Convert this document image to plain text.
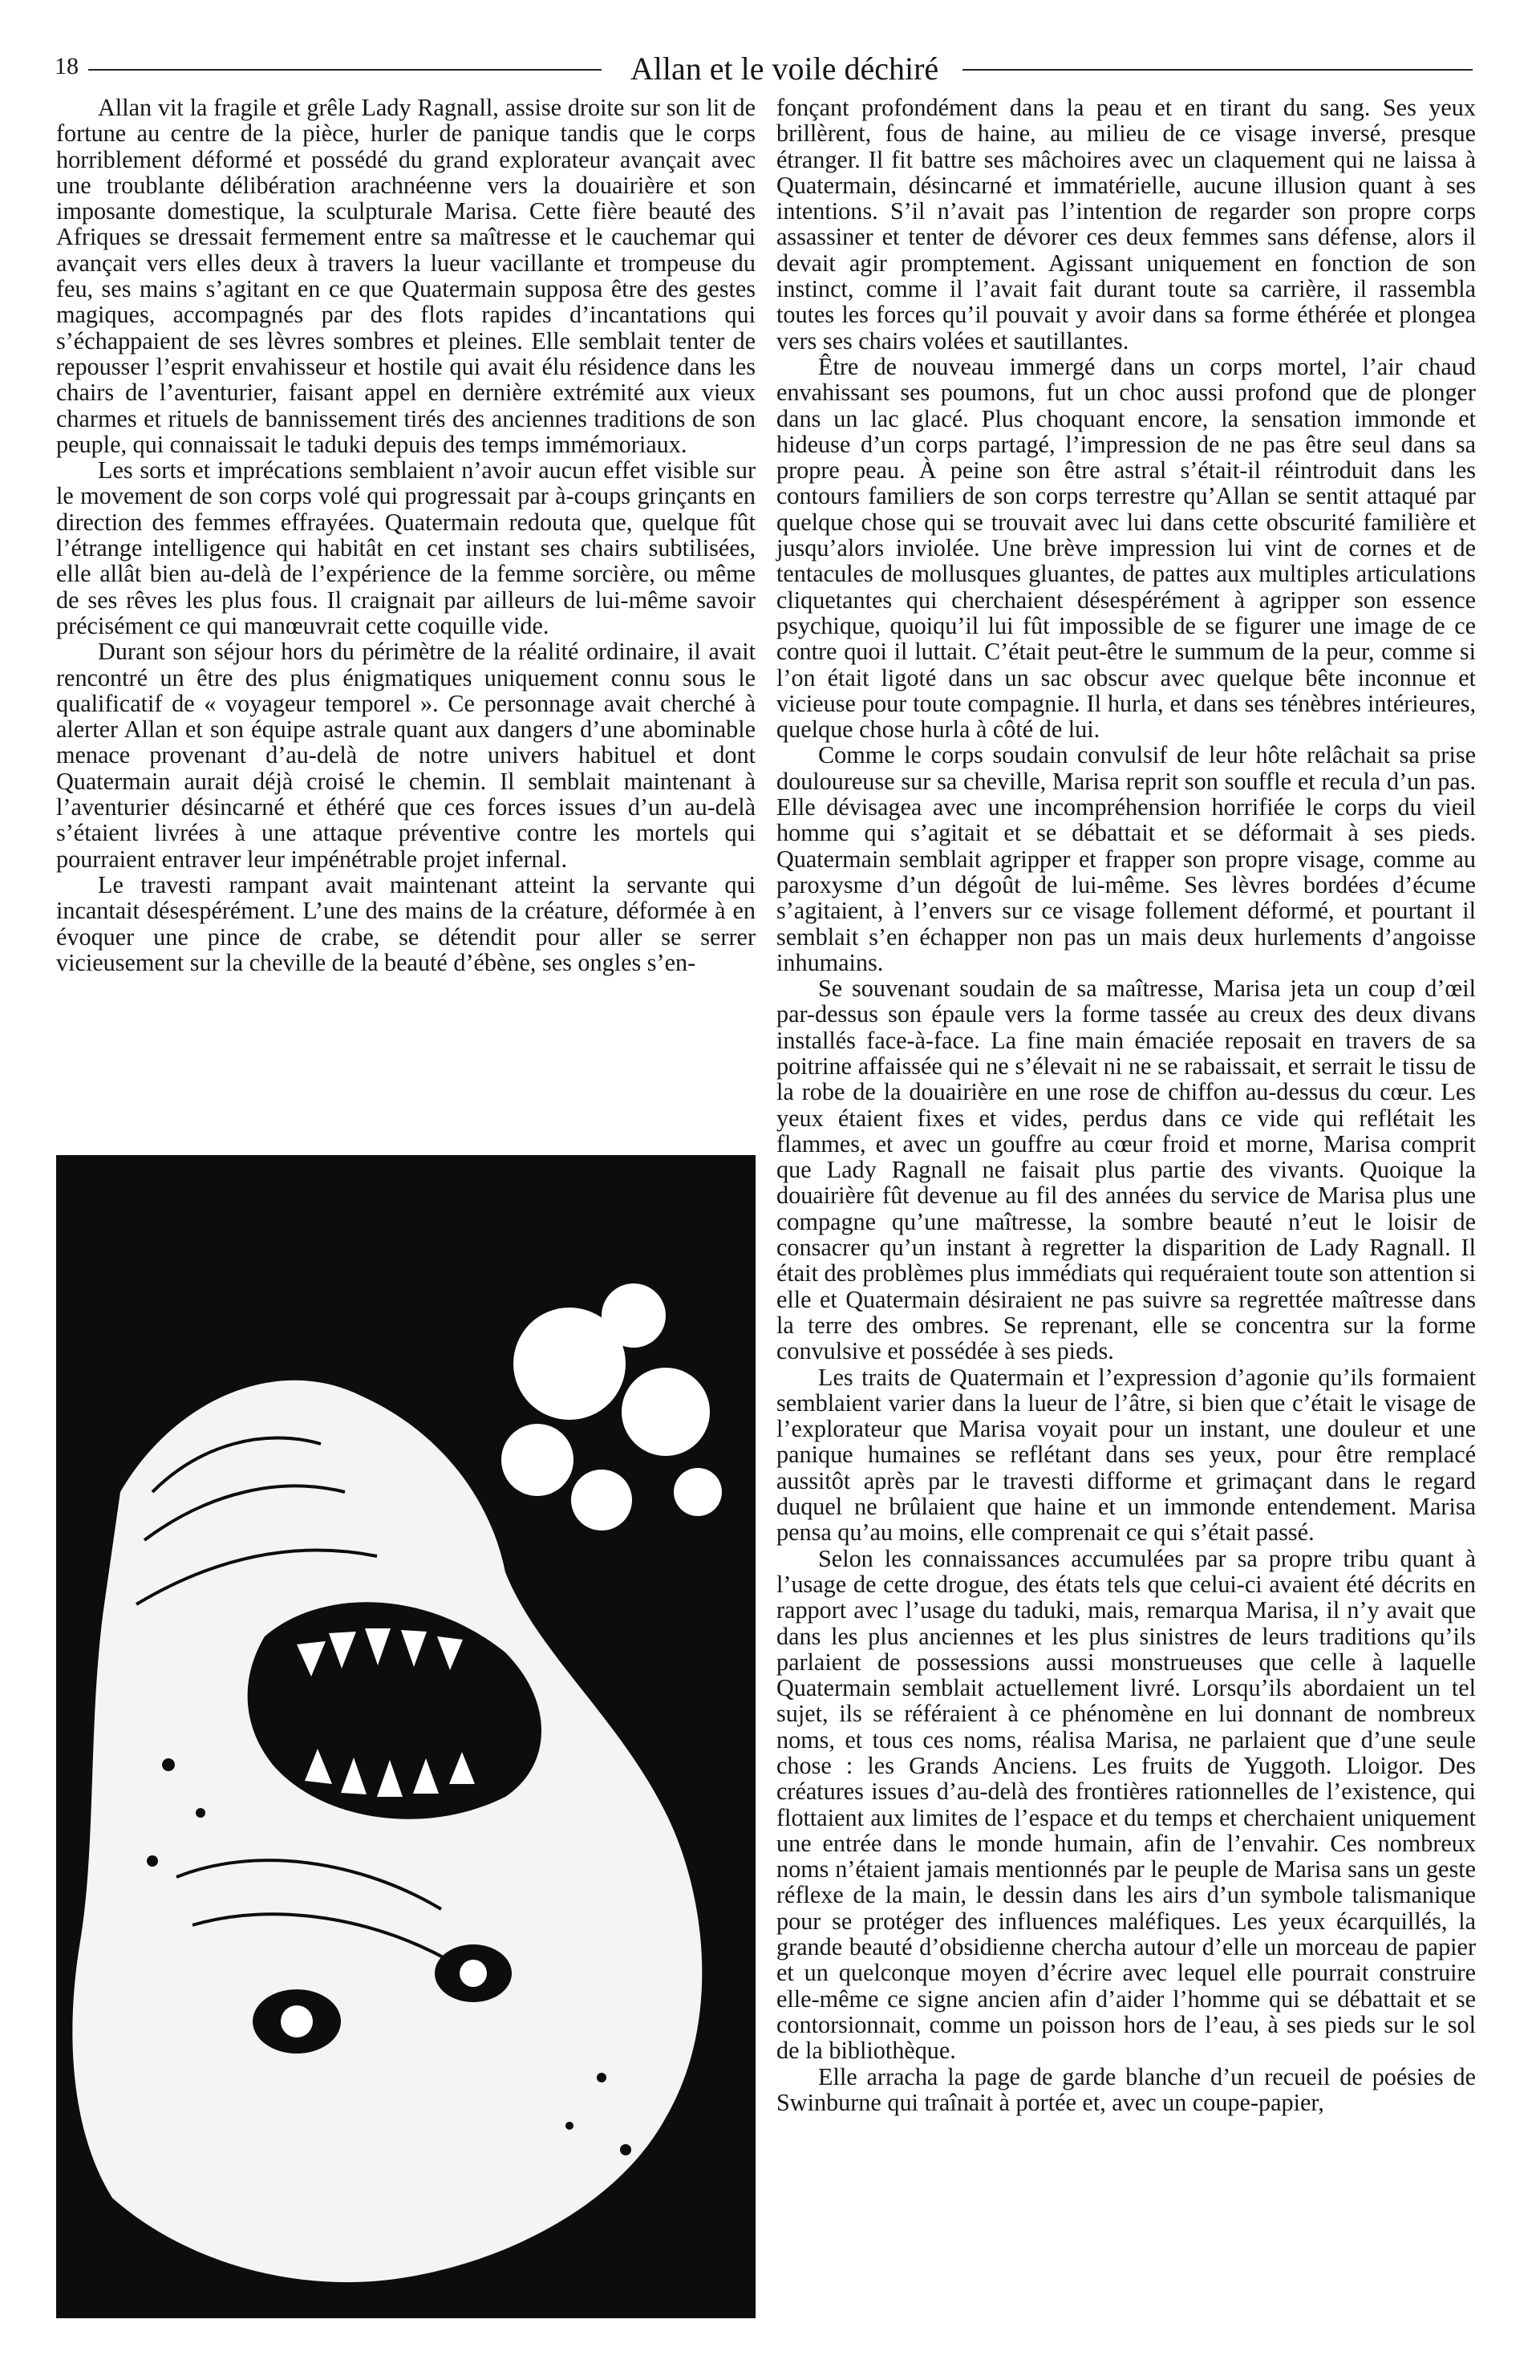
18	Allan et le voile déchiré

Allan vit la fragile et grêle Lady Ragnall, assise droite sur son lit de fortune au centre de la pièce, hurler de panique tandis que le corps horriblement déformé et possédé du grand explorateur avançait avec une troublante délibération arachnéenne vers la douairière et son imposante domestique, la sculpturale Marisa. Cette fière beauté des Afriques se dressait fermement entre sa maîtresse et le cauchemar qui avançait vers elles deux à travers la lueur vacillante et trompeuse du feu, ses mains s’agitant en ce que Quatermain supposa être des gestes magiques, accompagnés par des flots rapides d’incantations qui s’échappaient de ses lèvres sombres et pleines. Elle semblait tenter de repousser l’esprit envahisseur et hostile qui avait élu résidence dans les chairs de l’aventurier, faisant appel en dernière extrémité aux vieux charmes et rituels de bannissement tirés des anciennes traditions de son peuple, qui connaissait le taduki depuis des temps immémoriaux.

Les sorts et imprécations semblaient n’avoir aucun effet visible sur le movement de son corps volé qui progressait par à-coups grinçants en direction des femmes effrayées. Quatermain redouta que, quelque fût l’étrange intelligence qui habitât en cet instant ses chairs subtilisées, elle allât bien au-delà de l’expérience de la femme sorcière, ou même de ses rêves les plus fous. Il craignait par ailleurs de lui-même savoir précisément ce qui manœuvrait cette coquille vide.

Durant son séjour hors du périmètre de la réalité ordinaire, il avait rencontré un être des plus énigmatiques uniquement connu sous le qualificatif de « voyageur temporel ». Ce personnage avait cherché à alerter Allan et son équipe astrale quant aux dangers d’une abominable menace provenant d’au-delà de notre univers habituel et dont Quatermain aurait déjà croisé le chemin. Il semblait maintenant à l’aventurier désincarné et éthéré que ces forces issues d’un au-delà s’étaient livrées à une attaque préventive contre les mortels qui pourraient entraver leur impénétrable projet infernal.

Le travesti rampant avait maintenant atteint la servante qui incantait désespérément. L’une des mains de la créature, déformée à en évoquer une pince de crabe, se détendit pour aller se serrer vicieusement sur la cheville de la beauté d’ébène, ses ongles s’en-

fonçant profondément dans la peau et en tirant du sang. Ses yeux brillèrent, fous de haine, au milieu de ce visage inversé, presque étranger. Il fit battre ses mâchoires avec un claquement qui ne laissa à Quatermain, désincarné et immatérielle, aucune illusion quant à ses intentions. S’il n’avait pas l’intention de regarder son propre corps assassiner et tenter de dévorer ces deux femmes sans défense, alors il devait agir promptement. Agissant uniquement en fonction de son instinct, comme il l’avait fait durant toute sa carrière, il rassembla toutes les forces qu’il pouvait y avoir dans sa forme éthérée et plongea vers ses chairs volées et sautillantes.

Être de nouveau immergé dans un corps mortel, l’air chaud envahissant ses poumons, fut un choc aussi profond que de plonger dans un lac glacé. Plus choquant encore, la sensation immonde et hideuse d’un corps partagé, l’impression de ne pas être seul dans sa propre peau. À peine son être astral s’était-il réintroduit dans les contours familiers de son corps terrestre qu’Allan se sentit attaqué par quelque chose qui se trouvait avec lui dans cette obscurité familière et jusqu’alors inviolée. Une brève impression lui vint de cornes et de tentacules de mollusques gluantes, de pattes aux multiples articulations cliquetantes qui cherchaient désespérément à agripper son essence psychique, quoiqu’il lui fût impossible de se figurer une image de ce contre quoi il luttait. C’était peut-être le summum de la peur, comme si l’on était ligoté dans un sac obscur avec quelque bête inconnue et vicieuse pour toute compagnie. Il hurla, et dans ses ténèbres intérieures, quelque chose hurla à côté de lui.

Comme le corps soudain convulsif de leur hôte relâchait sa prise douloureuse sur sa cheville, Marisa reprit son souffle et recula d’un pas. Elle dévisagea avec une incompréhension horrifiée le corps du vieil homme qui s’agitait et se débattait et se déformait à ses pieds. Quatermain semblait agripper et frapper son propre visage, comme au paroxysme d’un dégoût de lui-même. Ses lèvres bordées d’écume s’agitaient, à l’envers sur ce visage follement déformé, et pourtant il semblait s’en échapper non pas un mais deux hurlements d’angoisse inhumains.

Se souvenant soudain de sa maîtresse, Marisa jeta un coup d’œil par-dessus son épaule vers la forme tassée au creux des deux divans installés face-à-face. La fine main émaciée reposait en travers de sa poitrine affaissée qui ne s’élevait ni ne se rabaissait, et serrait le tissu de la robe de la douairière en une rose de chiffon au-dessus du cœur. Les yeux étaient fixes et vides, perdus dans ce vide qui reflétait les flammes, et avec un gouffre au cœur froid et morne, Marisa comprit que Lady Ragnall ne faisait plus partie des vivants. Quoique la douairière fût devenue au fil des années du service de Marisa plus une compagne qu’une maîtresse, la sombre beauté n’eut le loisir de consacrer qu’un instant à regretter la disparition de Lady Ragnall. Il était des problèmes plus immédiats qui requéraient toute son attention si elle et Quatermain désiraient ne pas suivre sa regrettée maîtresse dans la terre des ombres. Se reprenant, elle se concentra sur la forme convulsive et possédée à ses pieds.

Les traits de Quatermain et l’expression d’agonie qu’ils formaient semblaient varier dans la lueur de l’âtre, si bien que c’était le visage de l’explorateur que Marisa voyait pour un instant, une douleur et une panique humaines se reflétant dans ses yeux, pour être remplacé aussitôt après par le travesti difforme et grimaçant dans le regard duquel ne brûlaient que haine et un immonde entendement. Marisa pensa qu’au moins, elle comprenait ce qui s’était passé.

Selon les connaissances accumulées par sa propre tribu quant à l’usage de cette drogue, des états tels que celui-ci avaient été décrits en rapport avec l’usage du taduki, mais, remarqua Marisa, il n’y avait que dans les plus anciennes et les plus sinistres de leurs traditions qu’ils parlaient de possessions aussi monstrueuses que celle à laquelle Quatermain semblait actuellement livré. Lorsqu’ils abordaient un tel sujet, ils se référaient à ce phénomène en lui donnant de nombreux noms, et tous ces noms, réalisa Marisa, ne parlaient que d’une seule chose : les Grands Anciens. Les fruits de Yuggoth. Lloigor. Des créatures issues d’au-delà des frontières rationnelles de l’existence, qui flottaient aux limites de l’espace et du temps et cherchaient uniquement une entrée dans le monde humain, afin de l’envahir. Ces nombreux noms n’étaient jamais mentionnés par le peuple de Marisa sans un geste réflexe de la main, le dessin dans les airs d’un symbole talismanique pour se protéger des influences maléfiques. Les yeux écarquillés, la grande beauté d’obsidienne chercha autour d’elle un morceau de papier et un quelconque moyen d’écrire avec lequel elle pourrait construire elle-même ce signe ancien afin d’aider l’homme qui se débattait et se contorsionnait, comme un poisson hors de l’eau, à ses pieds sur le sol de la bibliothèque.

Elle arracha la page de garde blanche d’un recueil de poésies de Swinburne qui traînait à portée et, avec un coupe-papier,
